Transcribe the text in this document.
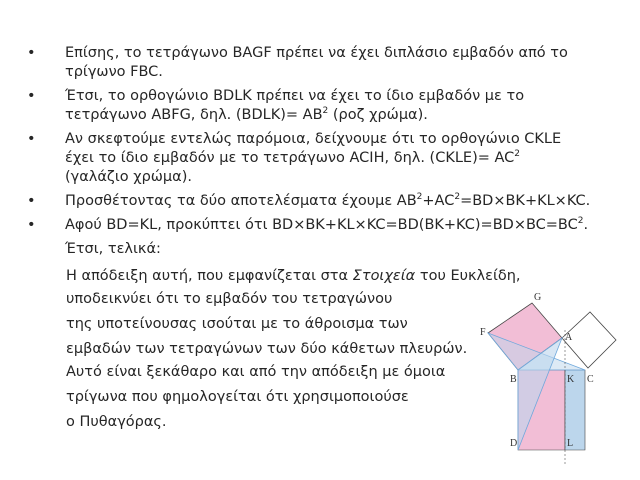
• Επίσης, το τετράγωνο BAGF πρέπει να έχει διπλάσιο εμβαδόν από το
τρίγωνο FBC.
• Έτσι, το ορθογώνιο BDLK πρέπει να έχει το ίδιο εμβαδόν με το
τετράγωνο ABFG, δηλ. (BDLK)= $AB^2$ (ροζ χρώμα).
• Αν σκεφτούμε εντελώς παρόμοια, δείχνουμε ότι το ορθογώνιο CKLE
έχει το ίδιο εμβαδόν με το τετράγωνο ACIH, δηλ. (CKLE)= $AC^2$
(γαλάζιο χρώμα).
• Προσθέτοντας τα δύο αποτελέσματα έχουμε $AB^2+AC^2=BD\times BK+KL\times KC$.
• Αφού BD=KL, προκύπτει ότι $BD\times BK+KL\times KC=BD(BK+KC)=BD\times BC=BC^2$.
Έτσι, τελικά:
Η απόδειξη αυτή, που εμφανίζεται στα Στοιχεία του Ευκλείδη,
υποδεικνύει ότι το εμβαδόν του τετραγώνου
της υποτείνουσας ισούται με το άθροισμα των
εμβαδών των τετραγώνων των δύο κάθετων πλευρών.
Αυτό είναι ξεκάθαρο και από την απόδειξη με όμοια
τρίγωνα που φημολογείται ότι χρησιμοποιούσε
ο Πυθαγόρας.
G
F	A
B	K C
D	L
